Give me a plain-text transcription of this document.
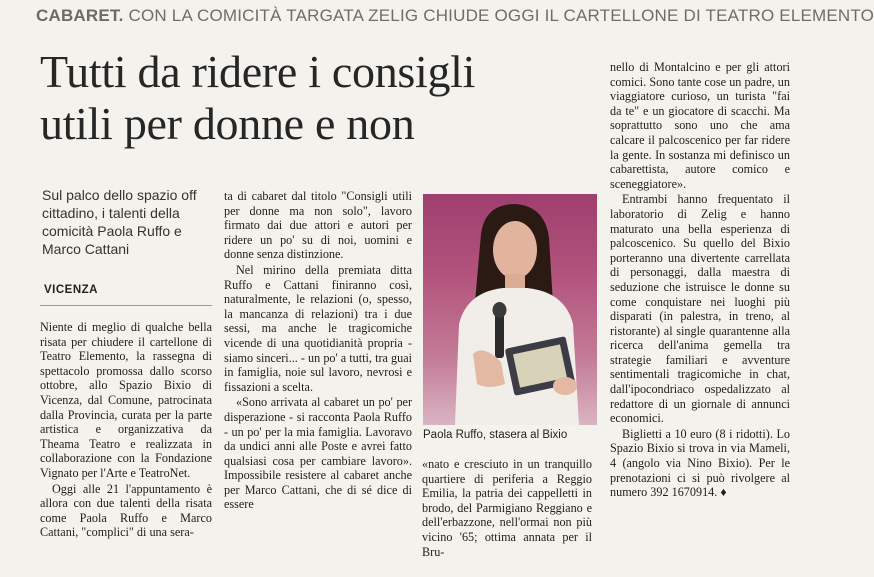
CABARET. CON LA COMICITÀ TARGATA ZELIG CHIUDE OGGI IL CARTELLONE DI TEATRO ELEMENTO
Tutti da ridere i consigli
utili per donne e non
Sul palco dello spazio off cittadino, i talenti della comicità Paola Ruffo e Marco Cattani
VICENZA

Niente di meglio di qualche bella risata per chiudere il cartellone di Teatro Elemento, la rassegna di spettacolo promossa dallo scorso ottobre, allo Spazio Bixio di Vicenza, dal Comune, patrocinata dalla Provincia, curata per la parte artistica e organizzativa da Theama Teatro e realizzata in collaborazione con la Fondazione Vignato per l'Arte e TeatroNet.

Oggi alle 21 l'appuntamento è allora con due talenti della risata come Paola Ruffo e Marco Cattani, "complici" di una sera-

ta di cabaret dal titolo "Consigli utili per donne ma non solo", lavoro firmato dai due attori e autori per ridere un po' su di noi, uomini e donne senza distinzione.

Nel mirino della premiata ditta Ruffo e Cattani finiranno così, naturalmente, le relazioni (o, spesso, la mancanza di relazioni) tra i due sessi, ma anche le tragicomiche vicende di una quotidianità propria - siamo sinceri... - un po' a tutti, tra guai in famiglia, noie sul lavoro, nevrosi e fissazioni a scelta.

«Sono arrivata al cabaret un po' per disperazione - si racconta Paola Ruffo - un po' per la mia famiglia. Lavoravo da undici anni alle Poste e avrei fatto qualsiasi cosa per cambiare lavoro». Impossibile resistere al cabaret anche per Marco Cattani, che di sé dice di essere

Paola Ruffo, stasera al Bixio

«nato e cresciuto in un tranquillo quartiere di periferia a Reggio Emilia, la patria dei cappelletti in brodo, del Parmigiano Reggiano e dell'erbazzone, nell'ormai non più vicino '65; ottima annata per il Bru-

nello di Montalcino e per gli attori comici. Sono tante cose un padre, un viaggiatore curioso, un turista "fai da te" e un giocatore di scacchi. Ma soprattutto sono uno che ama calcare il palcoscenico per far ridere la gente. In sostanza mi definisco un cabarettista, autore comico e sceneggiatore».

Entrambi hanno frequentato il laboratorio di Zelig e hanno maturato una bella esperienza di palcoscenico. Su quello del Bixio porteranno una divertente carrellata di personaggi, dalla maestra di seduzione che istruisce le donne su come conquistare nei luoghi più disparati (in palestra, in treno, al ristorante) al single quarantenne alla ricerca dell'anima gemella tra strategie familiari e avventure sentimentali tragicomiche in chat, dall'ipocondriaco ospedalizzato al redattore di un giornale di annunci economici.

Biglietti a 10 euro (8 i ridotti). Lo Spazio Bixio si trova in via Mameli, 4 (angolo via Nino Bixio). Per le prenotazioni ci si può rivolgere al numero 392 1670914. ♦
